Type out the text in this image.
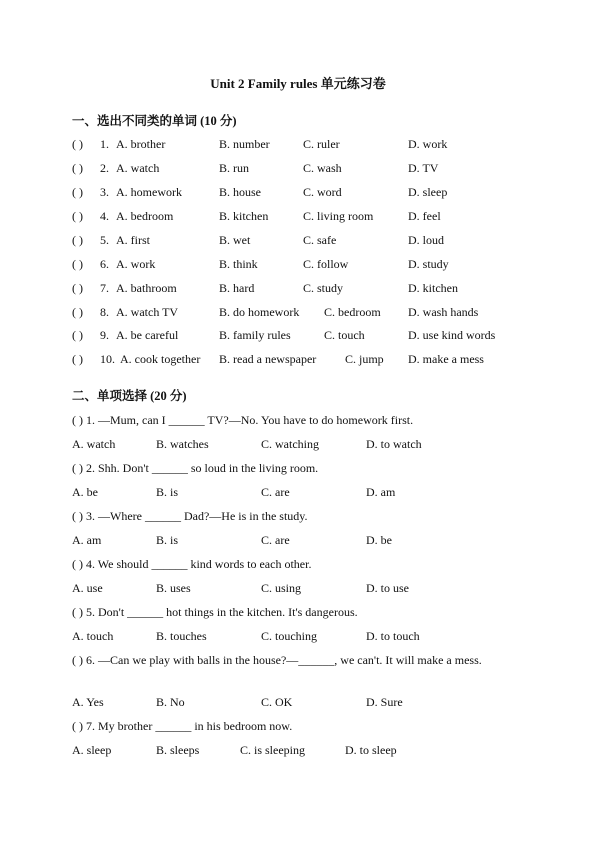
Unit 2 Family rules 单元练习卷
一、选出不同类的单词 (10 分)
( ) 1. A. brother	B. number	C. ruler	D. work
( ) 2. A. watch	B. run	C. wash	D. TV
( ) 3. A. homework	B. house	C. word	D. sleep
( ) 4. A. bedroom	B. kitchen	C. living room	D. feel
( ) 5. A. first	B. wet	C. safe	D. loud
( ) 6. A. work	B. think	C. follow	D. study
( ) 7. A. bathroom	B. hard	C. study	D. kitchen
( ) 8. A. watch TV	B. do homework C. bedroom D. wash hands
( ) 9. A. be careful	B. family rules	C. touch	D. use kind words
( ) 10. A. cook together B. read a newspaper C. jump D. make a mess
二、单项选择 (20 分)
( ) 1. —Mum, can I ______ TV?—No. You have to do homework first.
A. watch	B. watches	C. watching	D. to watch
( ) 2. Shh. Don't ______ so loud in the living room.
A. be	B. is	C. are	D. am
( ) 3. —Where ______ Dad?—He is in the study.
A. am	B. is	C. are	D. be
( ) 4. We should ______ kind words to each other.
A. use	B. uses	C. using	D. to use
( ) 5. Don't ______ hot things in the kitchen. It's dangerous.
A. touch	B. touches	C. touching	D. to touch
( ) 6. —Can we play with balls in the house?—______, we can't. It will make a mess.
A. Yes	B. No	C. OK	D. Sure
( ) 7. My brother ______ in his bedroom now.
A. sleep	B. sleeps	C. is sleeping	D. to sleep
